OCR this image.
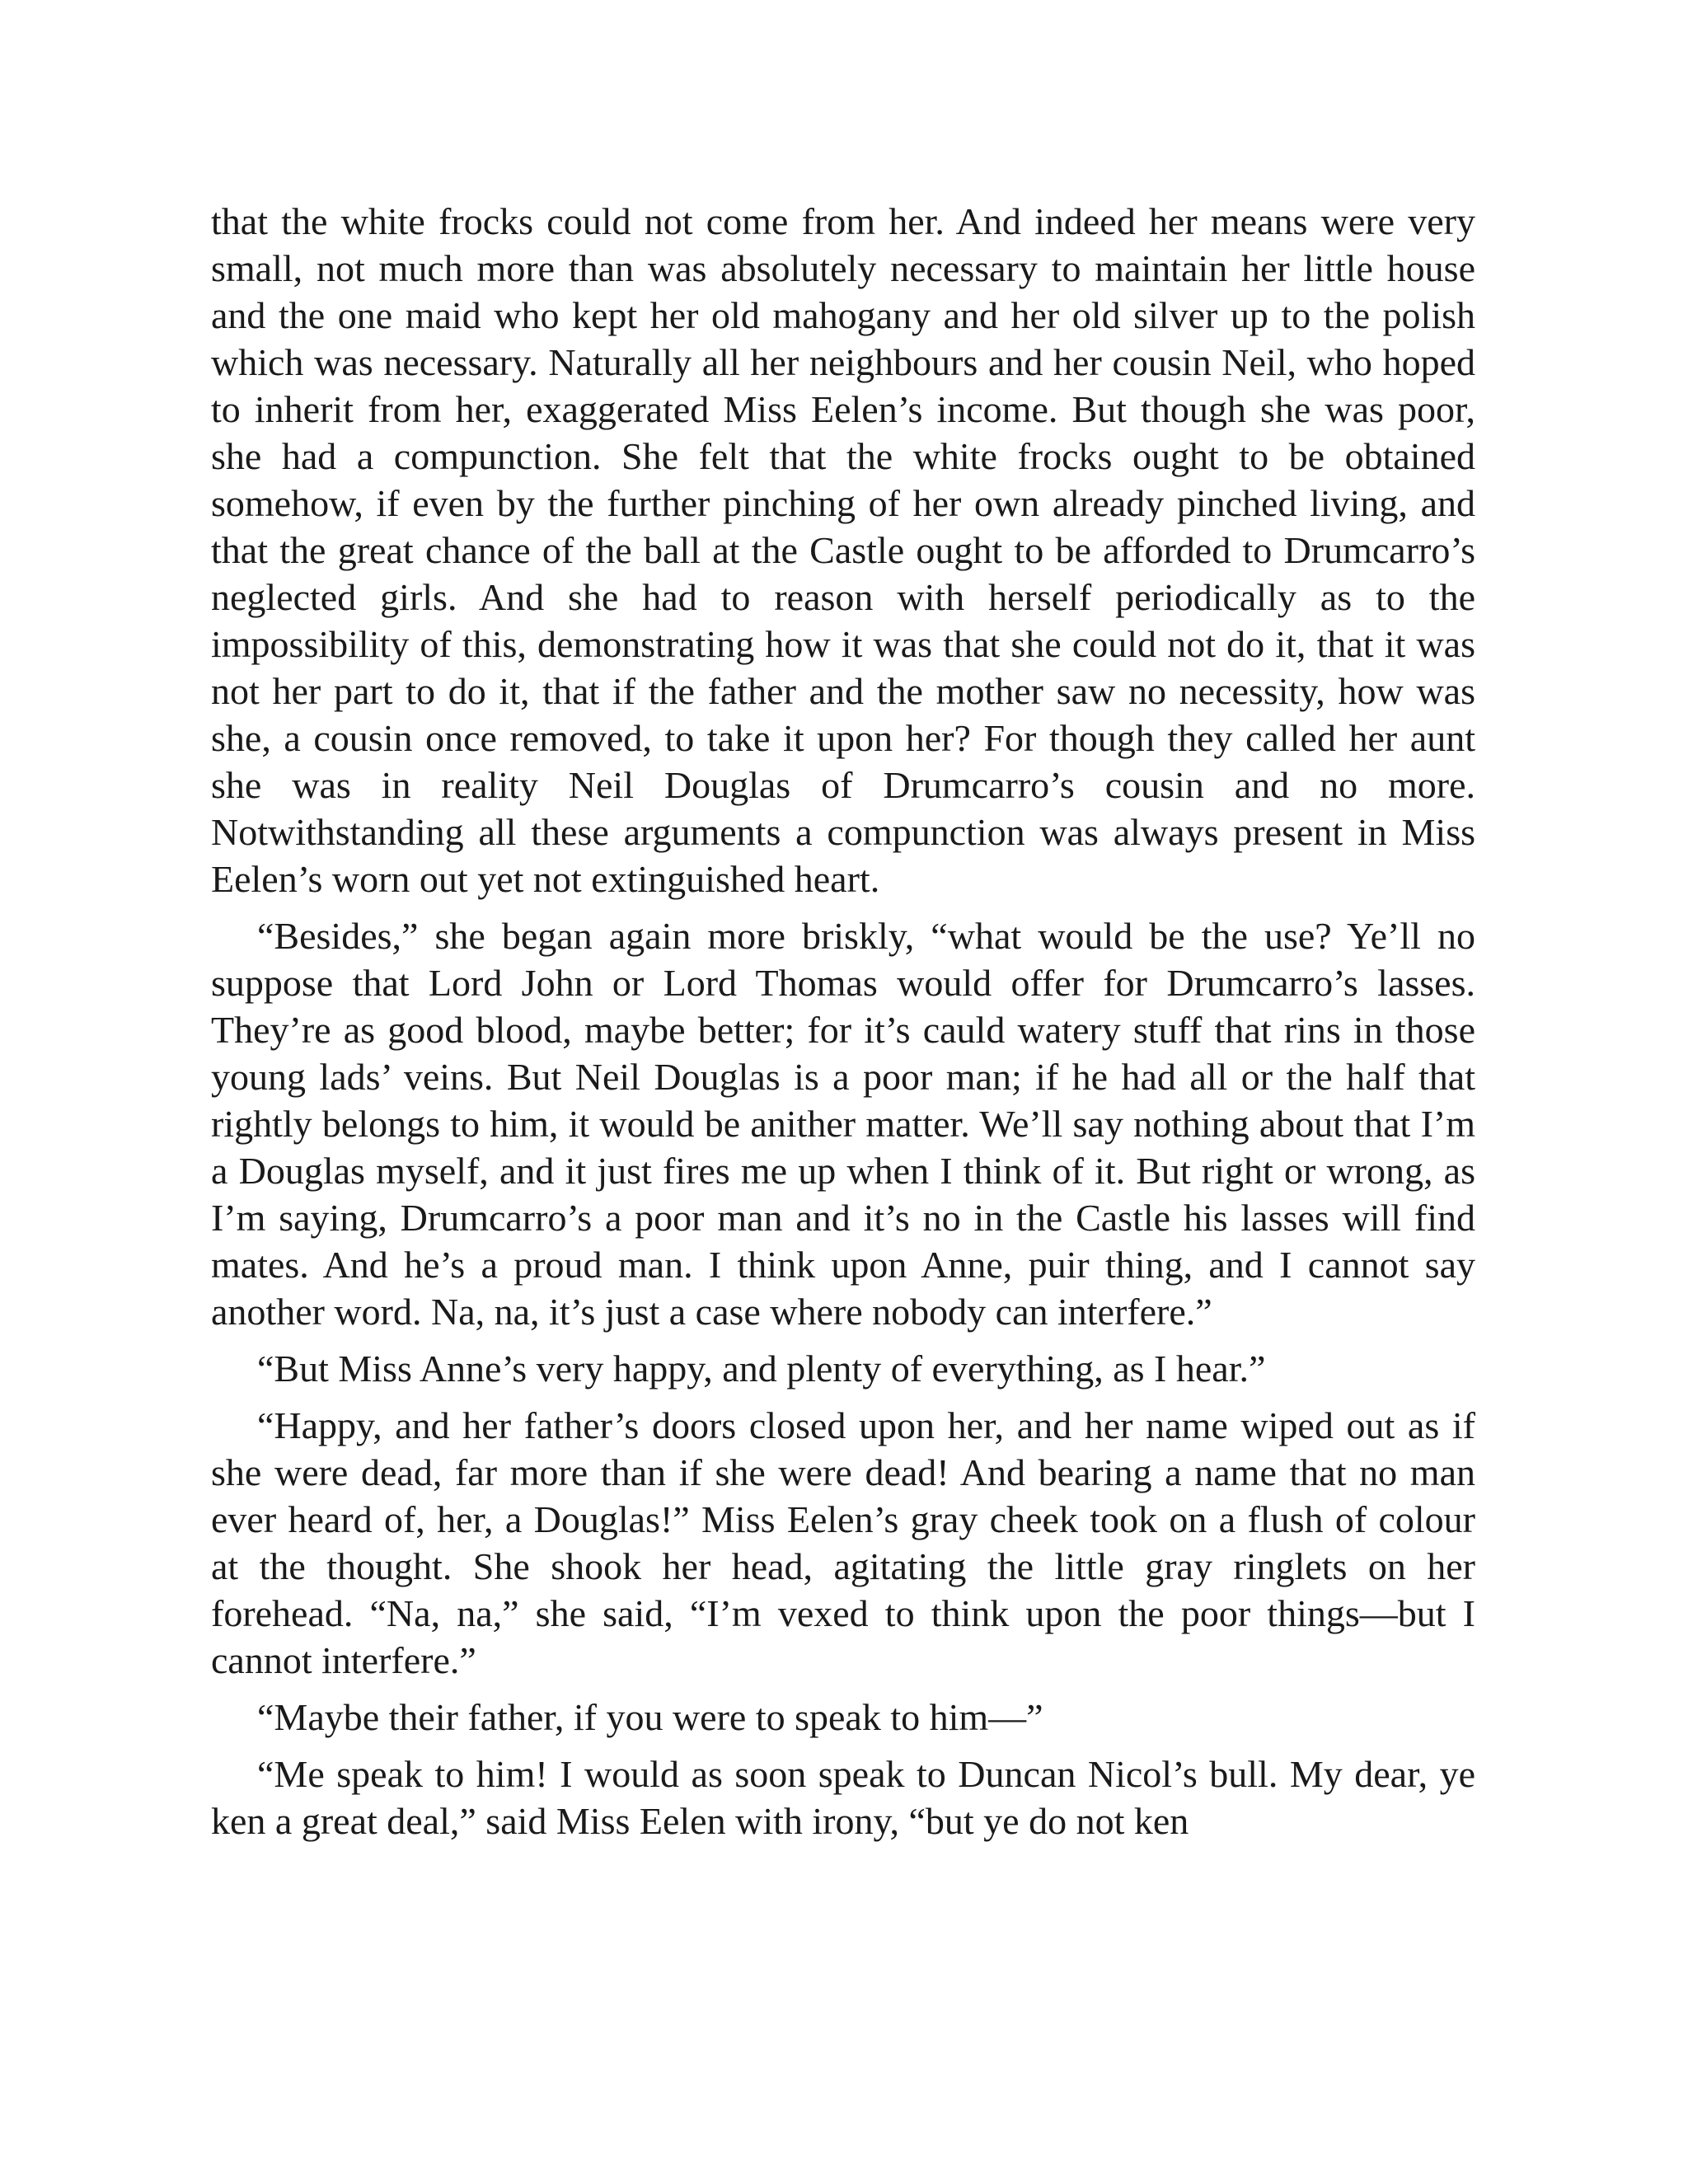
that the white frocks could not come from her. And indeed her means were very small, not much more than was absolutely necessary to maintain her little house and the one maid who kept her old mahogany and her old silver up to the polish which was necessary. Naturally all her neighbours and her cousin Neil, who hoped to inherit from her, exaggerated Miss Eelen’s income. But though she was poor, she had a compunction. She felt that the white frocks ought to be obtained somehow, if even by the further pinching of her own already pinched living, and that the great chance of the ball at the Castle ought to be afforded to Drumcarro’s neglected girls. And she had to reason with herself periodically as to the impossibility of this, demonstrating how it was that she could not do it, that it was not her part to do it, that if the father and the mother saw no necessity, how was she, a cousin once removed, to take it upon her? For though they called her aunt she was in reality Neil Douglas of Drumcarro’s cousin and no more. Notwithstanding all these arguments a compunction was always present in Miss Eelen’s worn out yet not extinguished heart.

“Besides,” she began again more briskly, “what would be the use? Ye’ll no suppose that Lord John or Lord Thomas would offer for Drumcarro’s lasses. They’re as good blood, maybe better; for it’s cauld watery stuff that rins in those young lads’ veins. But Neil Douglas is a poor man; if he had all or the half that rightly belongs to him, it would be anither matter. We’ll say nothing about that I’m a Douglas myself, and it just fires me up when I think of it. But right or wrong, as I’m saying, Drumcarro’s a poor man and it’s no in the Castle his lasses will find mates. And he’s a proud man. I think upon Anne, puir thing, and I cannot say another word. Na, na, it’s just a case where nobody can interfere.”

“But Miss Anne’s very happy, and plenty of everything, as I hear.”

“Happy, and her father’s doors closed upon her, and her name wiped out as if she were dead, far more than if she were dead! And bearing a name that no man ever heard of, her, a Douglas!” Miss Eelen’s gray cheek took on a flush of colour at the thought. She shook her head, agitating the little gray ringlets on her forehead. “Na, na,” she said, “I’m vexed to think upon the poor things—but I cannot interfere.”

“Maybe their father, if you were to speak to him—”

“Me speak to him! I would as soon speak to Duncan Nicol’s bull. My dear, ye ken a great deal,” said Miss Eelen with irony, “but ye do not ken
